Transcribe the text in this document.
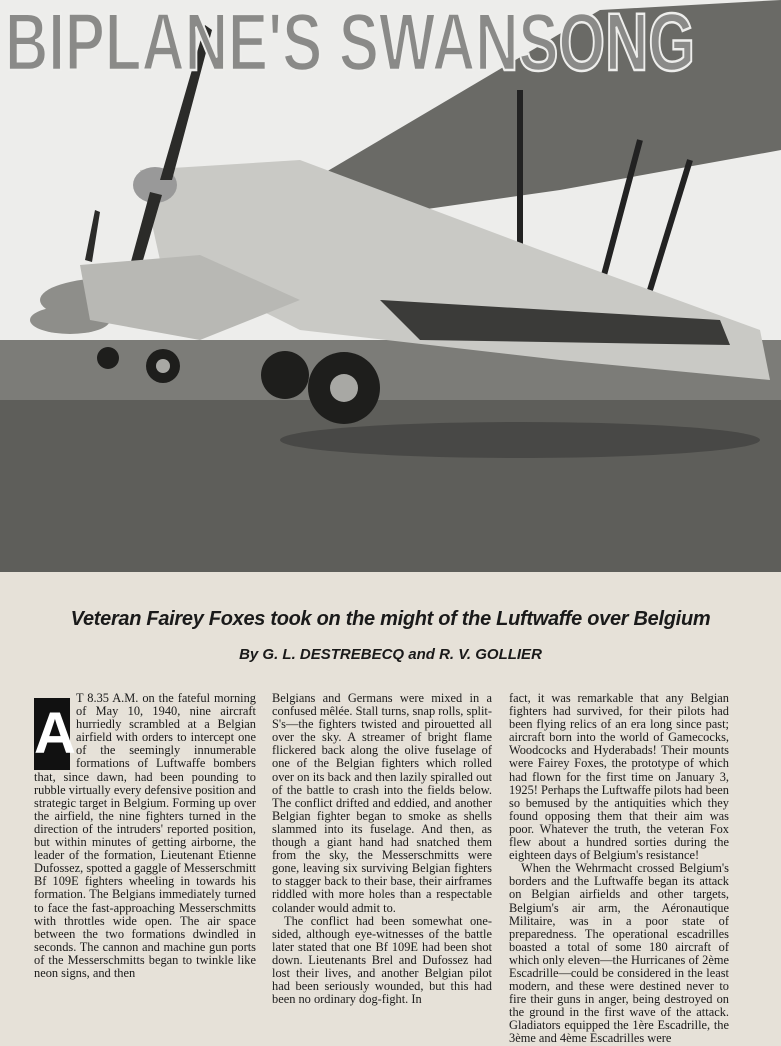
BIPLANE'S SWANSONG
Veteran Fairey Foxes took on the might of the Luftwaffe over Belgium
By G. L. DESTREBECQ and R. V. GOLLIER
A

T 8.35 A.M. on the fateful morning of May 10, 1940, nine aircraft hurriedly scrambled at a Belgian airfield with orders to intercept one of the seemingly innumerable formations of Luftwaffe bombers that, since dawn, had been pounding to rubble virtually every defensive position and strategic target in Belgium. Forming up over the airfield, the nine fighters turned in the direction of the intruders' reported position, but within minutes of getting airborne, the leader of the formation, Lieutenant Etienne Dufossez, spotted a gaggle of Messerschmitt Bf 109E fighters wheeling in towards his formation. The Belgians immediately turned to face the fast-approaching Messerschmitts with throttles wide open. The air space between the two formations dwindled in seconds. The cannon and machine gun ports of the Messerschmitts began to twinkle like neon signs, and then

Belgians and Germans were mixed in a confused mêlée. Stall turns, snap rolls, split-S's—the fighters twisted and pirouetted all over the sky. A streamer of bright flame flickered back along the olive fuselage of one of the Belgian fighters which rolled over on its back and then lazily spiralled out of the battle to crash into the fields below. The conflict drifted and eddied, and another Belgian fighter began to smoke as shells slammed into its fuselage. And then, as though a giant hand had snatched them from the sky, the Messerschmitts were gone, leaving six surviving Belgian fighters to stagger back to their base, their airframes riddled with more holes than a respectable colander would admit to.

The conflict had been somewhat one-sided, although eye-witnesses of the battle later stated that one Bf 109E had been shot down. Lieutenants Brel and Dufossez had lost their lives, and another Belgian pilot had been seriously wounded, but this had been no ordinary dog-fight. In

fact, it was remarkable that any Belgian fighters had survived, for their pilots had been flying relics of an era long since past; aircraft born into the world of Gamecocks, Woodcocks and Hyderabads! Their mounts were Fairey Foxes, the prototype of which had flown for the first time on January 3, 1925! Perhaps the Luftwaffe pilots had been so bemused by the antiquities which they found opposing them that their aim was poor. Whatever the truth, the veteran Fox flew about a hundred sorties during the eighteen days of Belgium's resistance!

When the Wehrmacht crossed Belgium's borders and the Luftwaffe began its attack on Belgian airfields and other targets, Belgium's air arm, the Aéronautique Militaire, was in a poor state of preparedness. The operational escadrilles boasted a total of some 180 aircraft of which only eleven—the Hurricanes of 2ème Escadrille—could be considered in the least modern, and these were destined never to fire their guns in anger, being destroyed on the ground in the first wave of the attack. Gladiators equipped the 1ère Escadrille, the 3ème and 4ème Escadrilles were
